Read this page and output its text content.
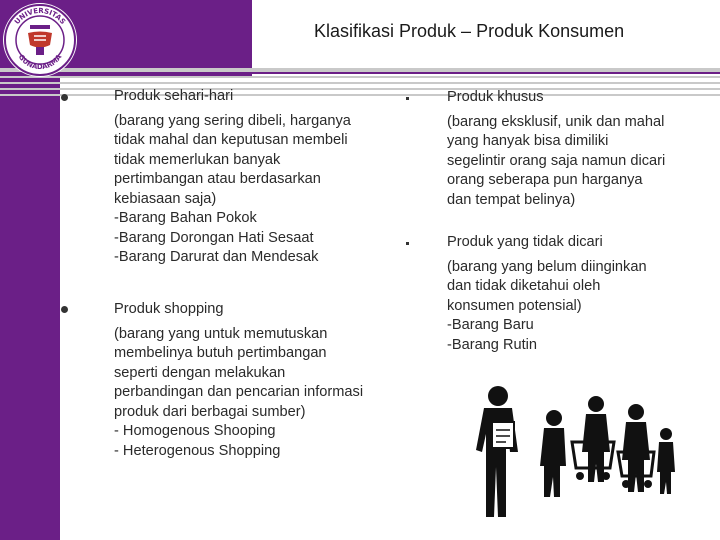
UNIVERSITAS
GUNADARMA
Klasifikasi Produk – Produk Konsumen
Produk sehari-hari
(barang yang sering dibeli, harganya
tidak mahal dan keputusan membeli
tidak memerlukan banyak
pertimbangan atau berdasarkan
kebiasaan saja)
-Barang Bahan Pokok
-Barang Dorongan Hati Sesaat
-Barang Darurat dan Mendesak
Produk shopping
(barang yang untuk memutuskan
membelinya butuh pertimbangan
seperti dengan melakukan
perbandingan dan pencarian informasi
produk dari berbagai sumber)
- Homogenous Shooping
- Heterogenous Shopping
Produk khusus
(barang eksklusif, unik dan mahal
yang hanyak bisa dimiliki
segelintir orang saja namun dicari
orang seberapa pun harganya
dan tempat belinya)
Produk yang tidak dicari
(barang yang belum diinginkan
dan tidak diketahui oleh
konsumen potensial)
-Barang Baru
-Barang Rutin
